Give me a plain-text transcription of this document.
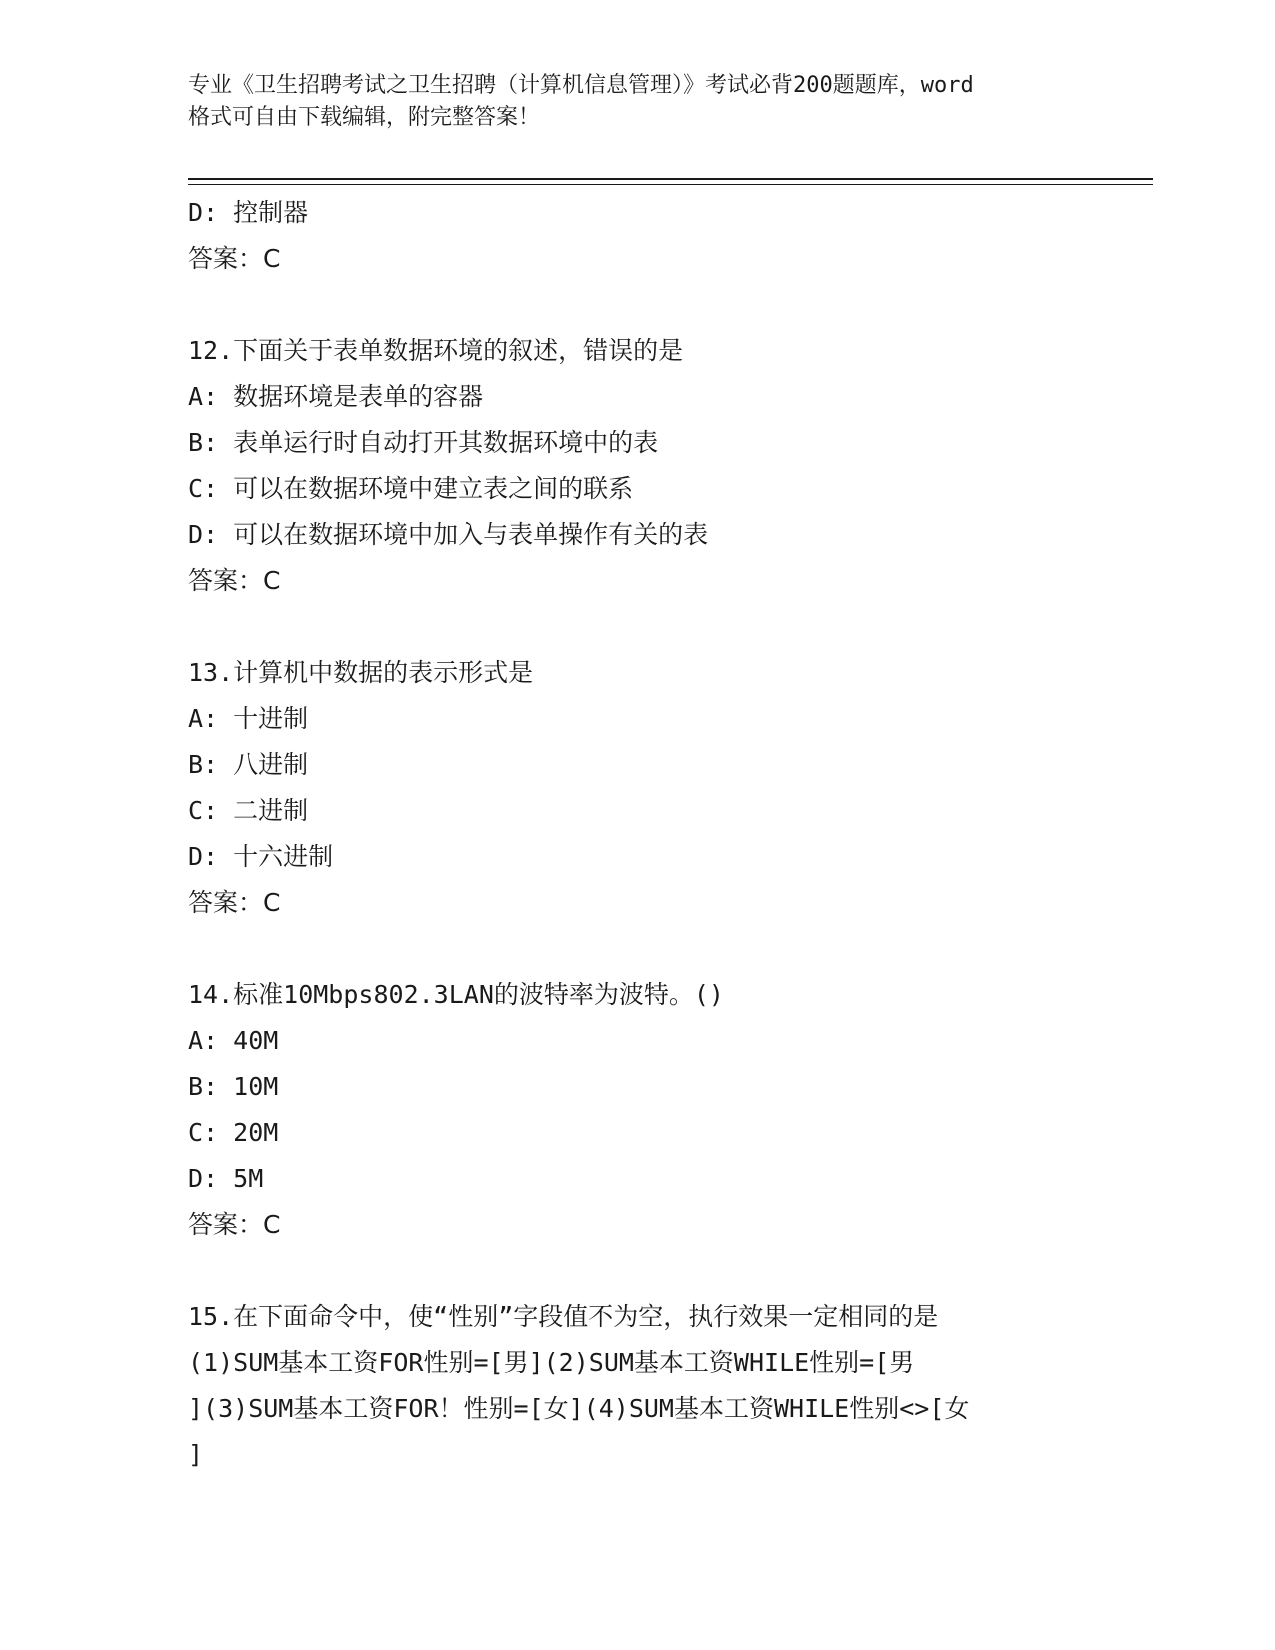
专业《卫生招聘考试之卫生招聘（计算机信息管理）》考试必背200题题库，word
格式可自由下载编辑，附完整答案！
D: 控制器
答案：C
12.下面关于表单数据环境的叙述，错误的是
A: 数据环境是表单的容器
B: 表单运行时自动打开其数据环境中的表
C: 可以在数据环境中建立表之间的联系
D: 可以在数据环境中加入与表单操作有关的表
答案：C
13.计算机中数据的表示形式是
A: 十进制
B: 八进制
C: 二进制
D: 十六进制
答案：C
14.标准10Mbps802.3LAN的波特率为波特。()
A: 40M
B: 10M
C: 20M
D: 5M
答案：C
15.在下面命令中，使“性别”字段值不为空，执行效果一定相同的是
(1)SUM基本工资FOR性别=[男](2)SUM基本工资WHILE性别=[男
](3)SUM基本工资FOR！性别=[女](4)SUM基本工资WHILE性别<>[女
]
